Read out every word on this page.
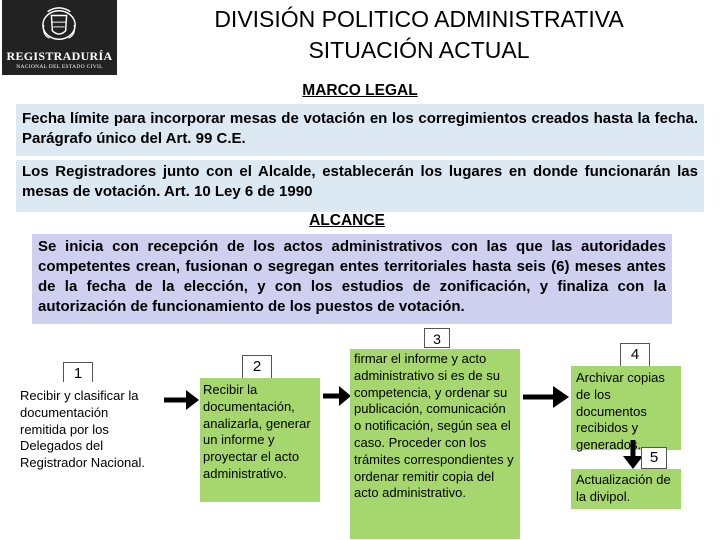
REGISTRADURÍA
NACIONAL DEL ESTADO CIVIL
DIVISIÓN POLITICO ADMINISTRATIVA
SITUACIÓN ACTUAL
MARCO LEGAL
Fecha límite para incorporar mesas de votación en los corregimientos creados hasta la fecha. Parágrafo único del Art. 99 C.E.
Los Registradores junto con el Alcalde, establecerán los lugares en donde funcionarán las mesas de votación. Art. 10 Ley 6 de 1990
ALCANCE
Se inicia con recepción de los actos administrativos con las que las autoridades competentes crean, fusionan o segregan entes territoriales hasta seis (6) meses antes de la fecha de la elección, y con los estudios de zonificación, y finaliza con la autorización de funcionamiento de los puestos de votación.
1
Recibir y clasificar la documentación remitida por los Delegados del Registrador Nacional.
2
Recibir la documentación, analizarla, generar un informe y proyectar el acto administrativo.
3
firmar el informe y acto administrativo si es de su competencia, y ordenar su publicación, comunicación o notificación, según sea el caso. Proceder con los trámites correspondientes y ordenar remitir copia del acto administrativo.
4
Archivar copias de los documentos recibidos y generados.
5
Actualización de la divipol.
